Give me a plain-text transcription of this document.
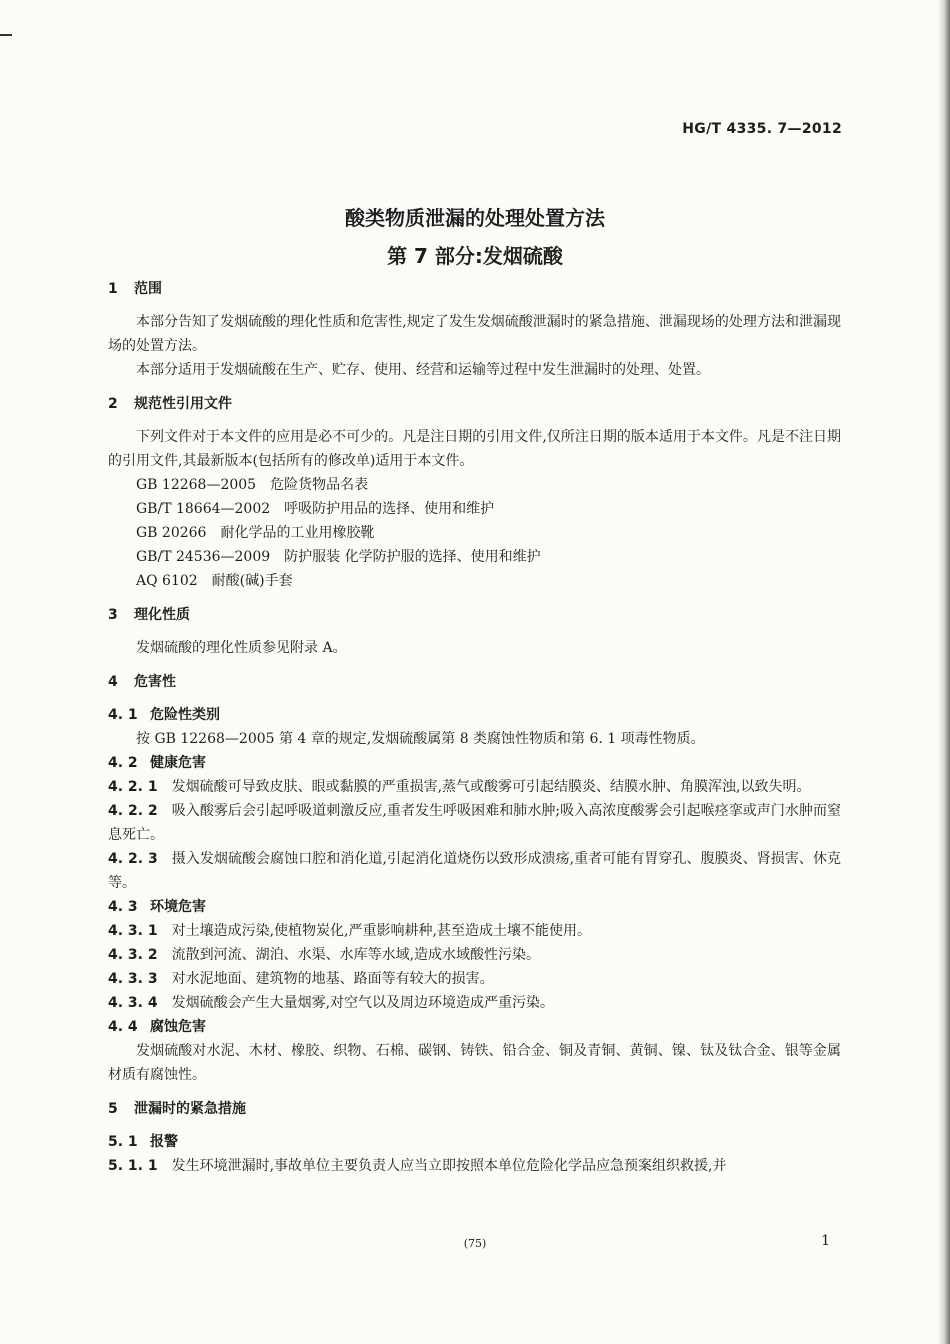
HG/T 4335. 7—2012
酸类物质泄漏的处理处置方法
第 7 部分:发烟硫酸
1 范围
本部分告知了发烟硫酸的理化性质和危害性,规定了发生发烟硫酸泄漏时的紧急措施、泄漏现场的处理方法和泄漏现场的处置方法。
本部分适用于发烟硫酸在生产、贮存、使用、经营和运输等过程中发生泄漏时的处理、处置。
2 规范性引用文件
下列文件对于本文件的应用是必不可少的。凡是注日期的引用文件,仅所注日期的版本适用于本文件。凡是不注日期的引用文件,其最新版本(包括所有的修改单)适用于本文件。
GB 12268—2005 危险货物品名表
GB/T 18664—2002 呼吸防护用品的选择、使用和维护
GB 20266 耐化学品的工业用橡胶靴
GB/T 24536—2009 防护服装 化学防护服的选择、使用和维护
AQ 6102 耐酸(碱)手套
3 理化性质
发烟硫酸的理化性质参见附录 A。
4 危害性
4. 1 危险性类别
按 GB 12268—2005 第 4 章的规定,发烟硫酸属第 8 类腐蚀性物质和第 6. 1 项毒性物质。
4. 2 健康危害
4. 2. 1 发烟硫酸可导致皮肤、眼或黏膜的严重损害,蒸气或酸雾可引起结膜炎、结膜水肿、角膜浑浊,以致失明。
4. 2. 2 吸入酸雾后会引起呼吸道刺激反应,重者发生呼吸困难和肺水肿;吸入高浓度酸雾会引起喉痉挛或声门水肿而窒息死亡。
4. 2. 3 摄入发烟硫酸会腐蚀口腔和消化道,引起消化道烧伤以致形成溃疡,重者可能有胃穿孔、腹膜炎、肾损害、休克等。
4. 3 环境危害
4. 3. 1 对土壤造成污染,使植物炭化,严重影响耕种,甚至造成土壤不能使用。
4. 3. 2 流散到河流、湖泊、水渠、水库等水域,造成水域酸性污染。
4. 3. 3 对水泥地面、建筑物的地基、路面等有较大的损害。
4. 3. 4 发烟硫酸会产生大量烟雾,对空气以及周边环境造成严重污染。
4. 4 腐蚀危害
发烟硫酸对水泥、木材、橡胶、织物、石棉、碳钢、铸铁、铅合金、铜及青铜、黄铜、镍、钛及钛合金、银等金属材质有腐蚀性。
5 泄漏时的紧急措施
5. 1 报警
5. 1. 1 发生环境泄漏时,事故单位主要负责人应当立即按照本单位危险化学品应急预案组织救援,并
(75)	1
